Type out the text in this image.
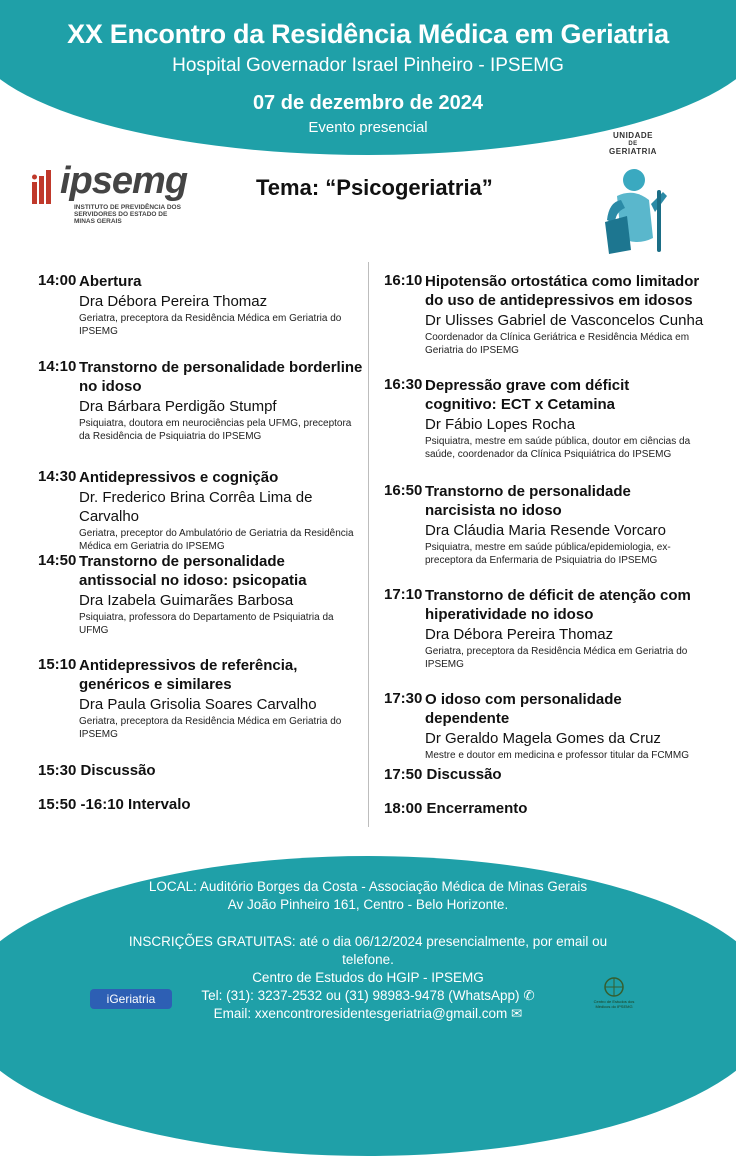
XX Encontro da Residência Médica em Geriatria
Hospital Governador Israel Pinheiro - IPSEMG
07 de dezembro de 2024
Evento presencial
ipsemg
INSTITUTO DE PREVIDÊNCIA DOS SERVIDORES DO ESTADO DE MINAS GERAIS
Tema: “Psicogeriatria”
UNIDADE
DE
GERIATRIA
14:00 Abertura
Dra Débora Pereira Thomaz
Geriatra, preceptora da Residência Médica em Geriatria do IPSEMG
14:10 Transtorno de personalidade borderline no idoso
Dra Bárbara Perdigão Stumpf
Psiquiatra, doutora em neurociências pela UFMG, preceptora da Residência de Psiquiatria do IPSEMG
14:30 Antidepressivos e cognição
Dr. Frederico Brina Corrêa Lima de Carvalho
Geriatra, preceptor do Ambulatório de Geriatria da Residência Médica em Geriatria do IPSEMG
14:50 Transtorno de personalidade antissocial no idoso: psicopatia
Dra Izabela Guimarães Barbosa
Psiquiatra, professora do Departamento de Psiquiatria da UFMG
15:10 Antidepressivos de referência, genéricos e similares
Dra Paula Grisolia Soares Carvalho
Geriatra, preceptora da Residência Médica em Geriatria do IPSEMG
15:30 Discussão
15:50 -16:10 Intervalo
16:10 Hipotensão ortostática como limitador do uso de antidepressivos em idosos
Dr Ulisses Gabriel de Vasconcelos Cunha
Coordenador da Clínica Geriátrica e Residência Médica em Geriatria do IPSEMG
16:30 Depressão grave com déficit cognitivo: ECT x Cetamina
Dr Fábio Lopes Rocha
Psiquiatra, mestre em saúde pública, doutor em ciências da saúde, coordenador da Clínica Psiquiátrica do IPSEMG
16:50 Transtorno de personalidade narcisista no idoso
Dra Cláudia Maria Resende Vorcaro
Psiquiatra, mestre em saúde pública/epidemiologia, ex-preceptora da Enfermaria de Psiquiatria do IPSEMG
17:10 Transtorno de déficit de atenção com hiperatividade no idoso
Dra Débora Pereira Thomaz
Geriatra, preceptora da Residência Médica em Geriatria do IPSEMG
17:30 O idoso com personalidade dependente
Dr Geraldo Magela Gomes da Cruz
Mestre e doutor em medicina e professor titular da FCMMG
17:50 Discussão
18:00 Encerramento
LOCAL: Auditório Borges da Costa - Associação Médica de Minas Gerais
Av João Pinheiro 161, Centro - Belo Horizonte.
INSCRIÇÕES GRATUITAS: até o dia 06/12/2024 presencialmente, por email ou
telefone.
Centro de Estudos do HGIP - IPSEMG
Tel: (31): 3237-2532 ou (31) 98983-9478 (WhatsApp) ✆
Email: xxencontroresidentesgeriatria@gmail.com ✉
iGeriatria	Centro de Estudos dos Médicos do IPSEMG
